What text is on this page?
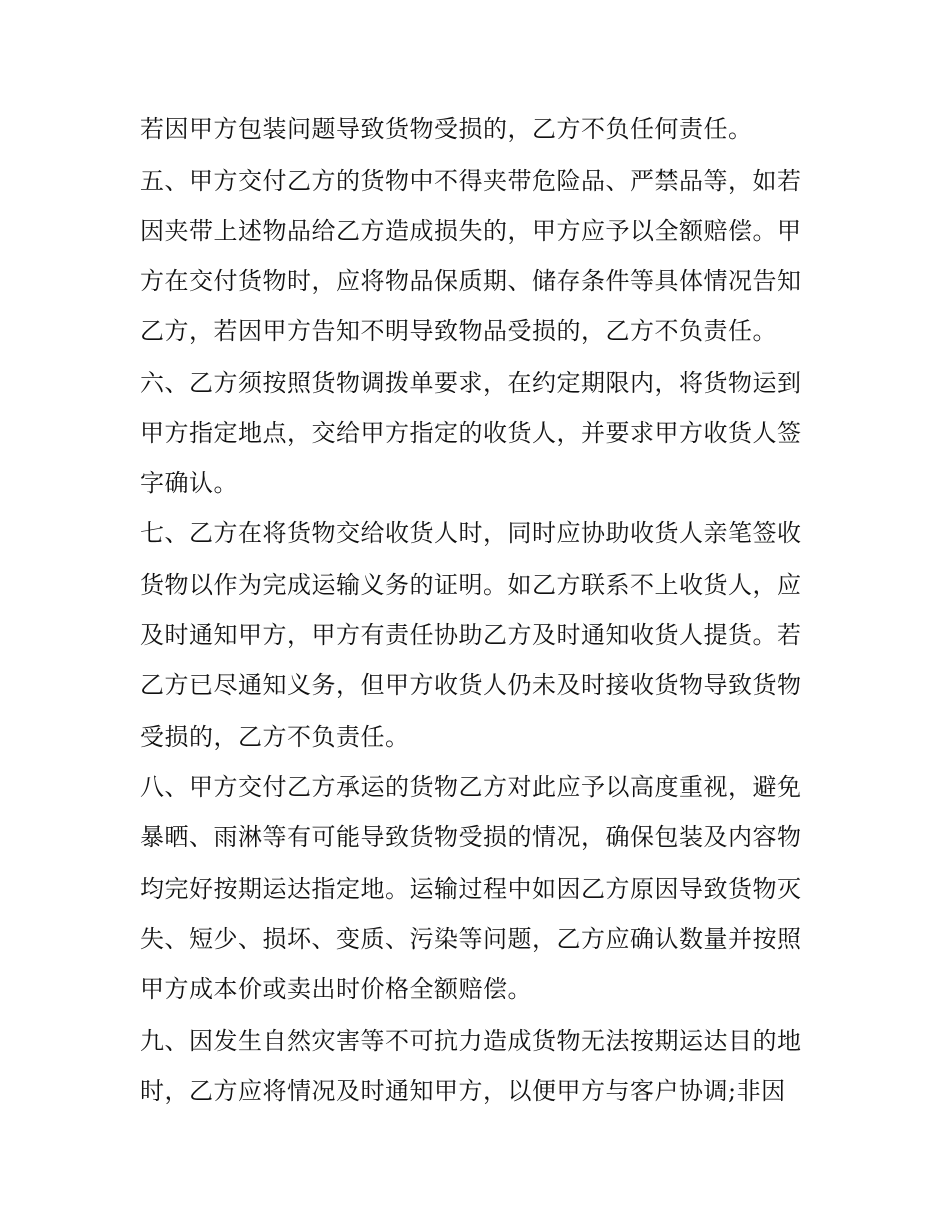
若因甲方包装问题导致货物受损的，乙方不负任何责任。
五、甲方交付乙方的货物中不得夹带危险品、严禁品等，如若
因夹带上述物品给乙方造成损失的，甲方应予以全额赔偿。甲
方在交付货物时，应将物品保质期、储存条件等具体情况告知
乙方，若因甲方告知不明导致物品受损的，乙方不负责任。
六、乙方须按照货物调拨单要求，在约定期限内，将货物运到
甲方指定地点，交给甲方指定的收货人，并要求甲方收货人签
字确认。
七、乙方在将货物交给收货人时，同时应协助收货人亲笔签收
货物以作为完成运输义务的证明。如乙方联系不上收货人，应
及时通知甲方，甲方有责任协助乙方及时通知收货人提货。若
乙方已尽通知义务，但甲方收货人仍未及时接收货物导致货物
受损的，乙方不负责任。
八、甲方交付乙方承运的货物乙方对此应予以高度重视，避免
暴晒、雨淋等有可能导致货物受损的情况，确保包装及内容物
均完好按期运达指定地。运输过程中如因乙方原因导致货物灭
失、短少、损坏、变质、污染等问题，乙方应确认数量并按照
甲方成本价或卖出时价格全额赔偿。
九、因发生自然灾害等不可抗力造成货物无法按期运达目的地
时，乙方应将情况及时通知甲方，以便甲方与客户协调;非因
